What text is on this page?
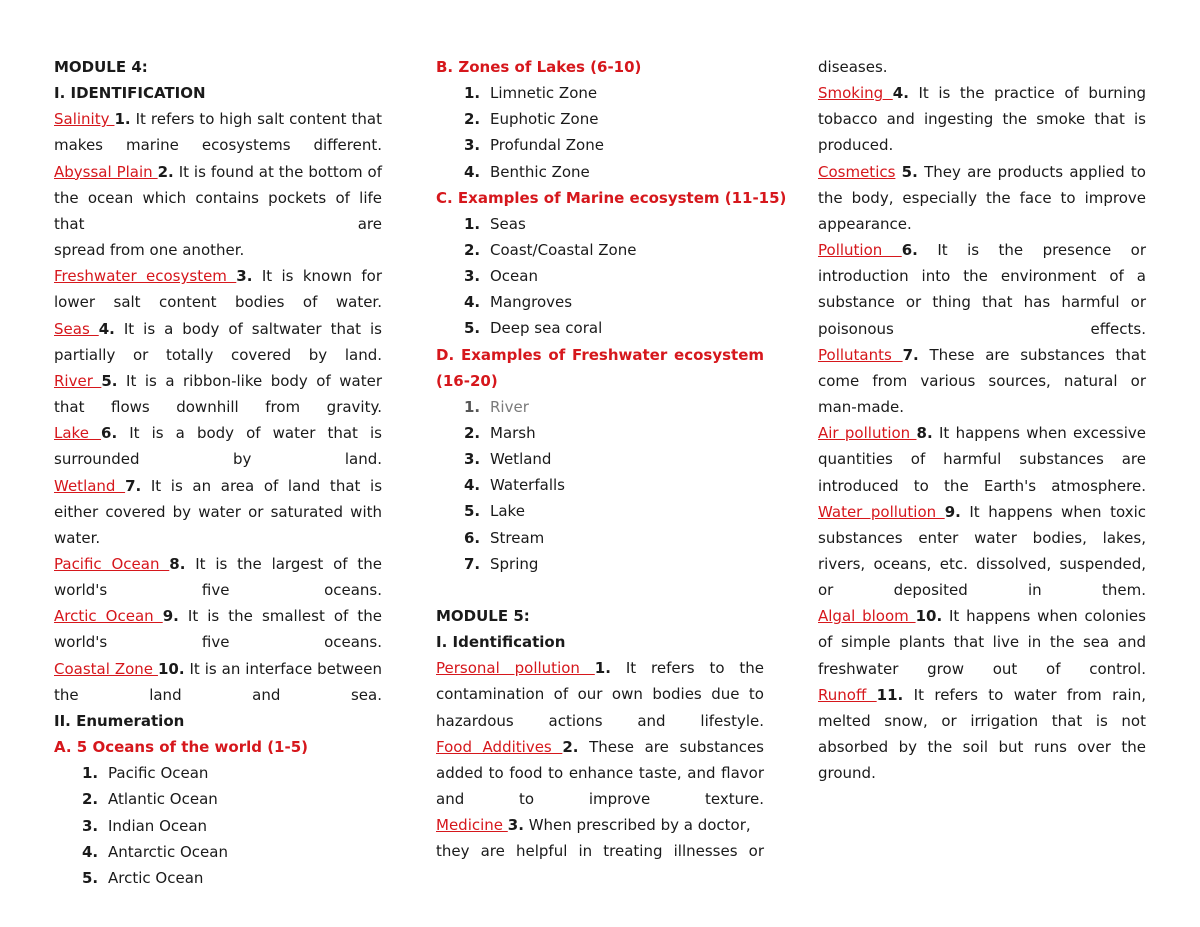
MODULE 4:
I. IDENTIFICATION
Salinity 1. It refers to high salt content that makes marine ecosystems different.
Abyssal Plain 2. It is found at the bottom of the ocean which contains pockets of life that are
spread from one another.
Freshwater ecosystem 3. It is known for lower salt content bodies of water.
Seas 4. It is a body of saltwater that is partially or totally covered by land.
River 5. It is a ribbon-like body of water that flows downhill from gravity.
Lake 6. It is a body of water that is surrounded by land.
Wetland 7. It is an area of land that is either covered by water or saturated with water.
Pacific Ocean 8. It is the largest of the world's five oceans.
Arctic Ocean 9. It is the smallest of the world's five oceans.
Coastal Zone 10. It is an interface between the land and sea.
II. Enumeration
A. 5 Oceans of the world (1-5)
1. Pacific Ocean
2. Atlantic Ocean
3. Indian Ocean
4. Antarctic Ocean
5. Arctic Ocean
B. Zones of Lakes (6-10)
1. Limnetic Zone
2. Euphotic Zone
3. Profundal Zone
4. Benthic Zone
C. Examples of Marine ecosystem (11-15)
1. Seas
2. Coast/Coastal Zone
3. Ocean
4. Mangroves
5. Deep sea coral
D. Examples of Freshwater ecosystem
(16-20)
1. River
2. Marsh
3. Wetland
4. Waterfalls
5. Lake
6. Stream
7. Spring
MODULE 5:
I. Identification
Personal pollution 1. It refers to the contamination of our own bodies due to hazardous actions and lifestyle.
Food Additives 2. These are substances added to food to enhance taste, and flavor and to improve texture.
Medicine 3. When prescribed by a doctor, they are helpful in treating illnesses or
diseases.
Smoking 4. It is the practice of burning tobacco and ingesting the smoke that is produced.
Cosmetics 5. They are products applied to the body, especially the face to improve appearance.
Pollution 6. It is the presence or introduction into the environment of a substance or thing that has harmful or poisonous effects.
Pollutants 7. These are substances that come from various sources, natural or man-made.
Air pollution 8. It happens when excessive quantities of harmful substances are introduced to the Earth's atmosphere.
Water pollution 9. It happens when toxic substances enter water bodies, lakes, rivers, oceans, etc. dissolved, suspended, or deposited in them.
Algal bloom 10. It happens when colonies of simple plants that live in the sea and freshwater grow out of control.
Runoff 11. It refers to water from rain, melted snow, or irrigation that is not absorbed by the soil but runs over the ground.
